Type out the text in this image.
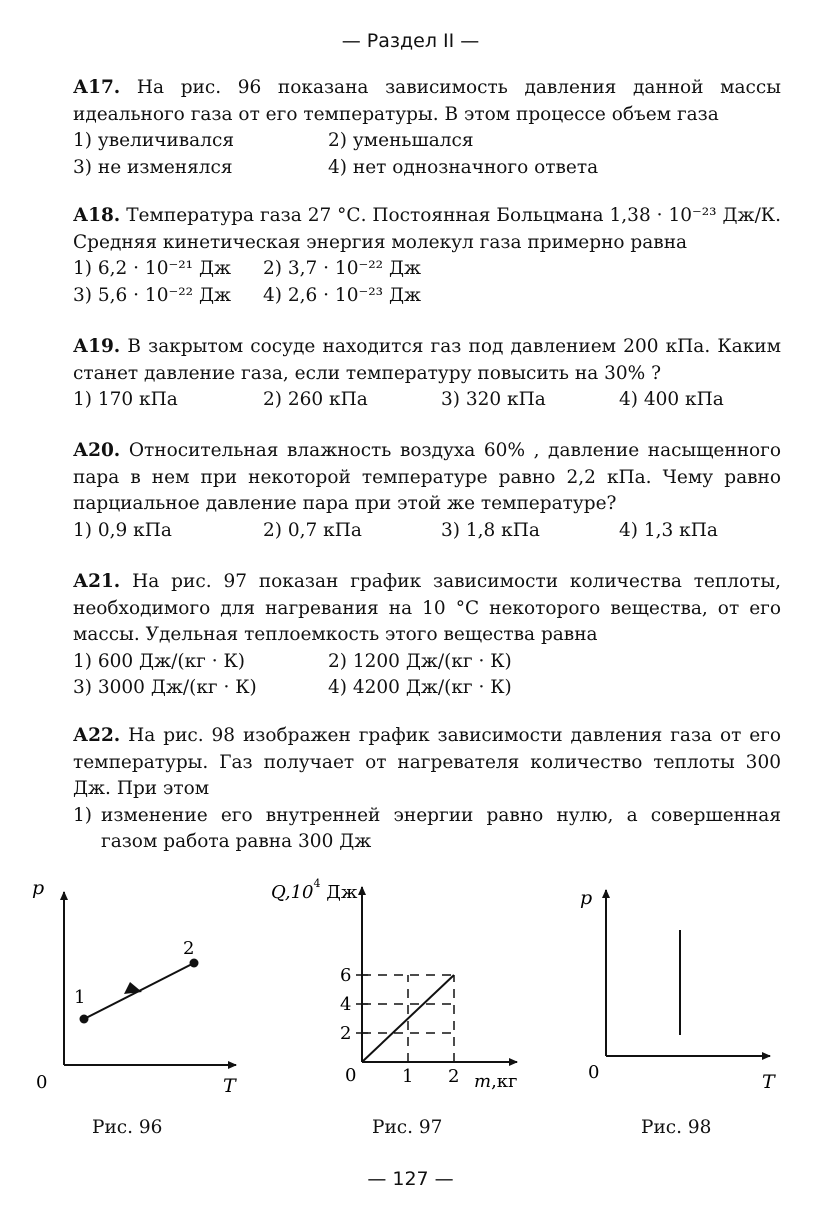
— Раздел II —

А17. На рис. 96 показана зависимость давления данной массы идеального газа от его температуры. В этом процессе объем газа

1) увеличивался	2) уменьшался
3) не изменялся	4) нет однозначного ответа

А18. Температура газа 27 °С. Постоянная Больцмана 1,38 · 10⁻²³ Дж/К. Средняя кинетическая энергия молекул газа примерно равна

1) 6,2 · 10⁻²¹ Дж	2) 3,7 · 10⁻²² Дж
3) 5,6 · 10⁻²² Дж	4) 2,6 · 10⁻²³ Дж

А19. В закрытом сосуде находится газ под давлением 200 кПа. Каким станет давление газа, если температуру повысить на 30% ?

1) 170 кПа	2) 260 кПа	3) 320 кПа	4) 400 кПа

А20. Относительная влажность воздуха 60% , давление насыщенного пара в нем при некоторой температуре равно 2,2 кПа. Чему равно парциальное давление пара при этой же температуре?

1) 0,9 кПа	2) 0,7 кПа	3) 1,8 кПа	4) 1,3 кПа

А21. На рис. 97 показан график зависимости количества теплоты, необходимого для нагревания на 10 °С некоторого вещества, от его массы. Удельная теплоемкость этого вещества равна

1) 600 Дж/(кг · К)	2) 1200 Дж/(кг · К)
3) 3000 Дж/(кг · К)	4) 4200 Дж/(кг · К)

А22. На рис. 98 изображен график зависимости давления газа от его температуры. Газ получает от нагревателя количество теплоты 300 Дж. При этом

1) изменение его внутренней энергии равно нулю, а совершенная газом работа равна 300 Дж
p
T
0
1
2
Рис. 96
2
4
6
1 2
$Q,10^4$ Дж
m,кг
0
Рис. 97
p
T
0
Рис. 98
— 127 —
